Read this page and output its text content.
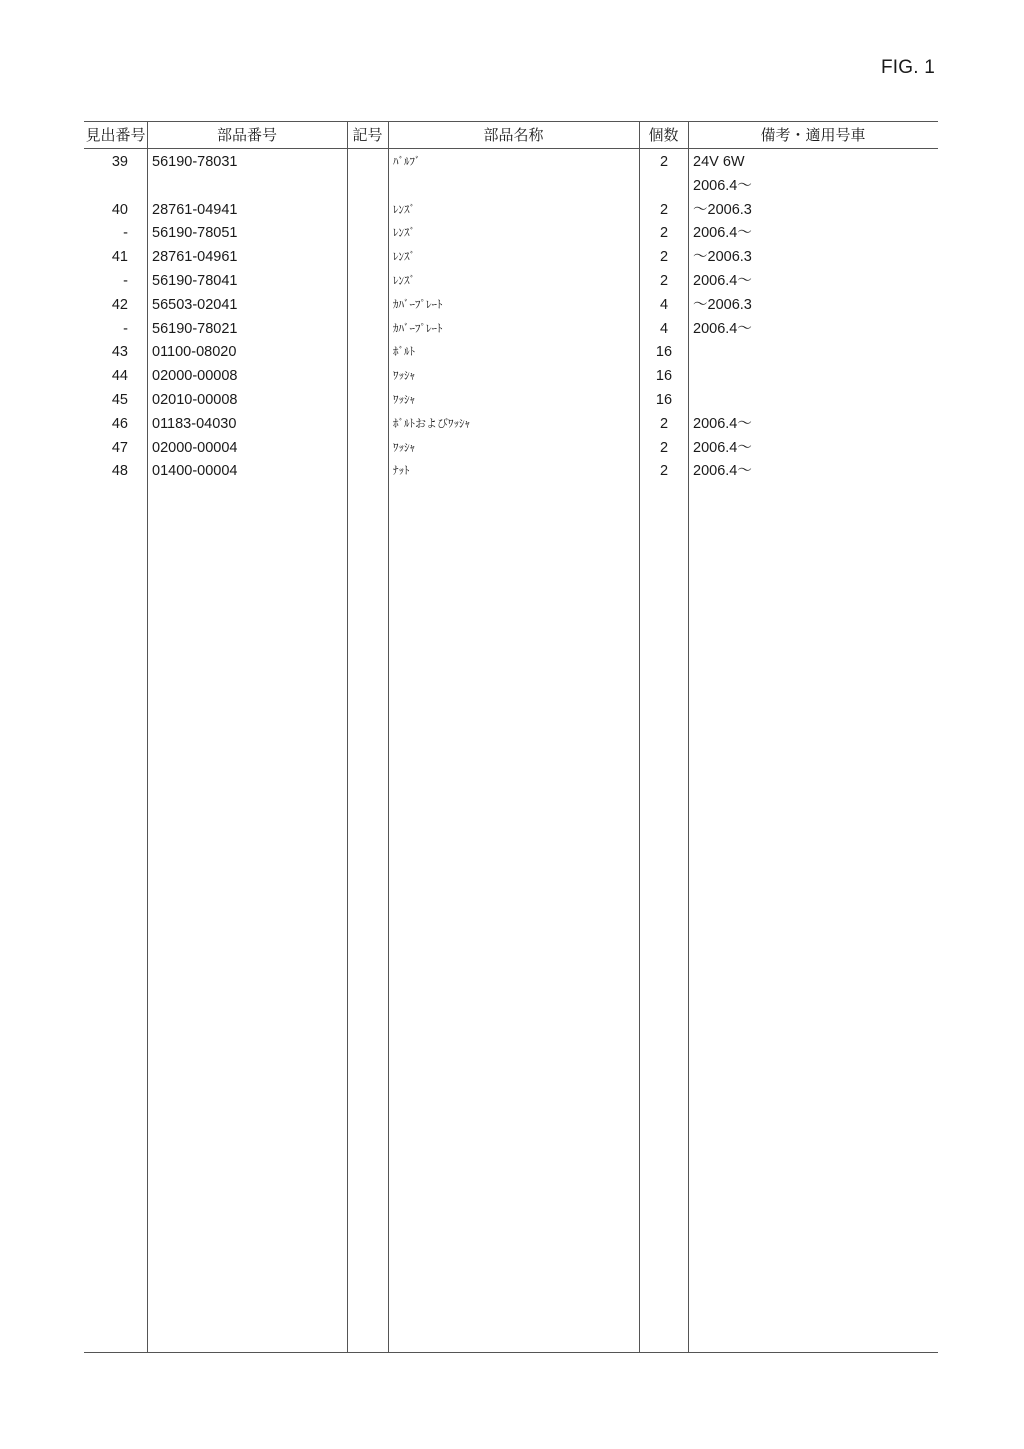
FIG. 1
見出番号	部品番号	記号	部品名称	個数	備考・適用号車
39 56190-78031	ﾊﾞﾙﾌﾞ	2	24V 6W
2006.4〜
40 28761-04941	ﾚﾝｽﾞ	2	〜2006.3
- 56190-78051	ﾚﾝｽﾞ	2	2006.4〜
41 28761-04961	ﾚﾝｽﾞ	2	〜2006.3
- 56190-78041	ﾚﾝｽﾞ	2	2006.4〜
42 56503-02041	ｶﾊﾞｰﾌﾟﾚｰﾄ	4	〜2006.3
- 56190-78021	ｶﾊﾞｰﾌﾟﾚｰﾄ	4	2006.4〜
43 01100-08020	ﾎﾞﾙﾄ	16
44 02000-00008	ﾜｯｼｬ	16
45 02010-00008	ﾜｯｼｬ	16
46 01183-04030	ﾎﾞﾙﾄおよびﾜｯｼｬ	2	2006.4〜
47 02000-00004	ﾜｯｼｬ	2	2006.4〜
48 01400-00004	ﾅｯﾄ	2	2006.4〜
